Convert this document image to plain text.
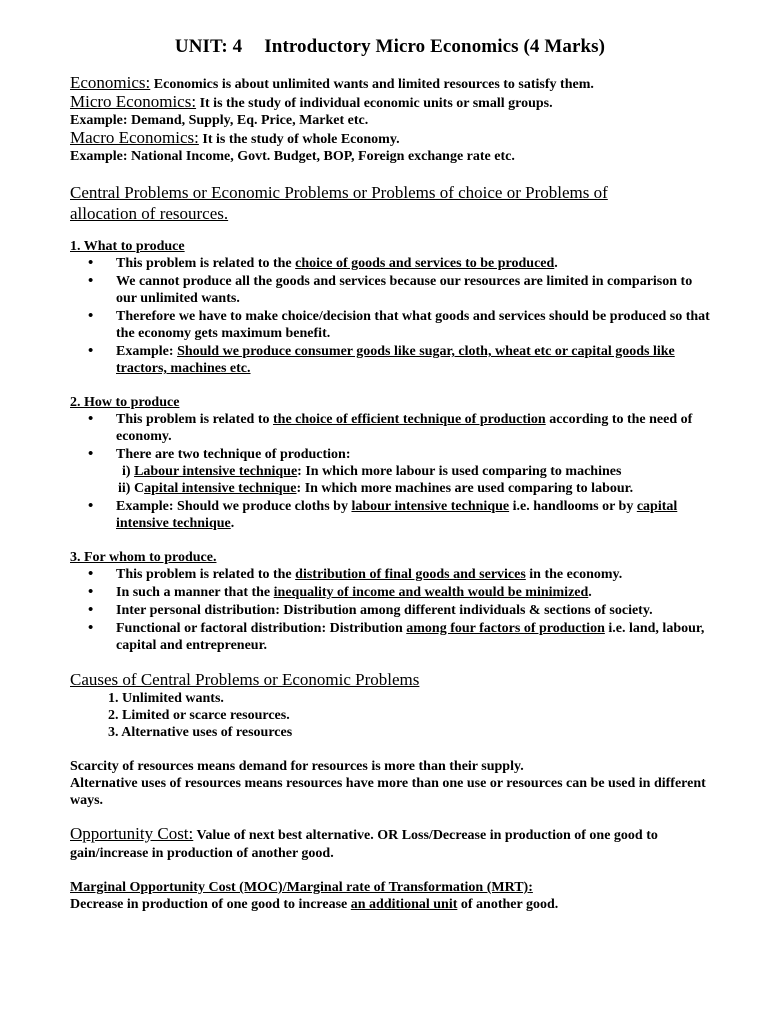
UNIT: 4 Introductory Micro Economics (4 Marks)

Economics: Economics is about unlimited wants and limited resources to satisfy them.

Micro Economics: It is the study of individual economic units or small groups.

Example: Demand, Supply, Eq. Price, Market etc.

Macro Economics: It is the study of whole Economy.

Example: National Income, Govt. Budget, BOP, Foreign exchange rate etc.

Central Problems or Economic Problems or Problems of choice or Problems of
allocation of resources.

1. What to produce

• This problem is related to the choice of goods and services to be produced.
• We cannot produce all the goods and services because our resources are limited in comparison to our unlimited wants.
• Therefore we have to make choice/decision that what goods and services should be produced so that the economy gets maximum benefit.
• Example: Should we produce consumer goods like sugar, cloth, wheat etc or capital goods like tractors, machines etc.

2. How to produce

• This problem is related to the choice of efficient technique of production according to the need of economy.
• There are two technique of production:

i) Labour intensive technique: In which more labour is used comparing to machines

ii) Capital intensive technique: In which more machines are used comparing to labour.

• Example: Should we produce cloths by labour intensive technique i.e. handlooms or by capital intensive technique.

3. For whom to produce.

• This problem is related to the distribution of final goods and services in the economy.
• In such a manner that the inequality of income and wealth would be minimized.
• Inter personal distribution: Distribution among different individuals & sections of society.
• Functional or factoral distribution: Distribution among four factors of production i.e. land, labour, capital and entrepreneur.
Causes of Central Problems or Economic Problems
1. Unlimited wants.
2. Limited or scarce resources.
3. Alternative uses of resources

Scarcity of resources means demand for resources is more than their supply.

Alternative uses of resources means resources have more than one use or resources can be used in different ways.

Opportunity Cost: Value of next best alternative. OR Loss/Decrease in production of one good to gain/increase in production of another good.
Marginal Opportunity Cost (MOC)/Marginal rate of Transformation (MRT):
Decrease in production of one good to increase an additional unit of another good.
